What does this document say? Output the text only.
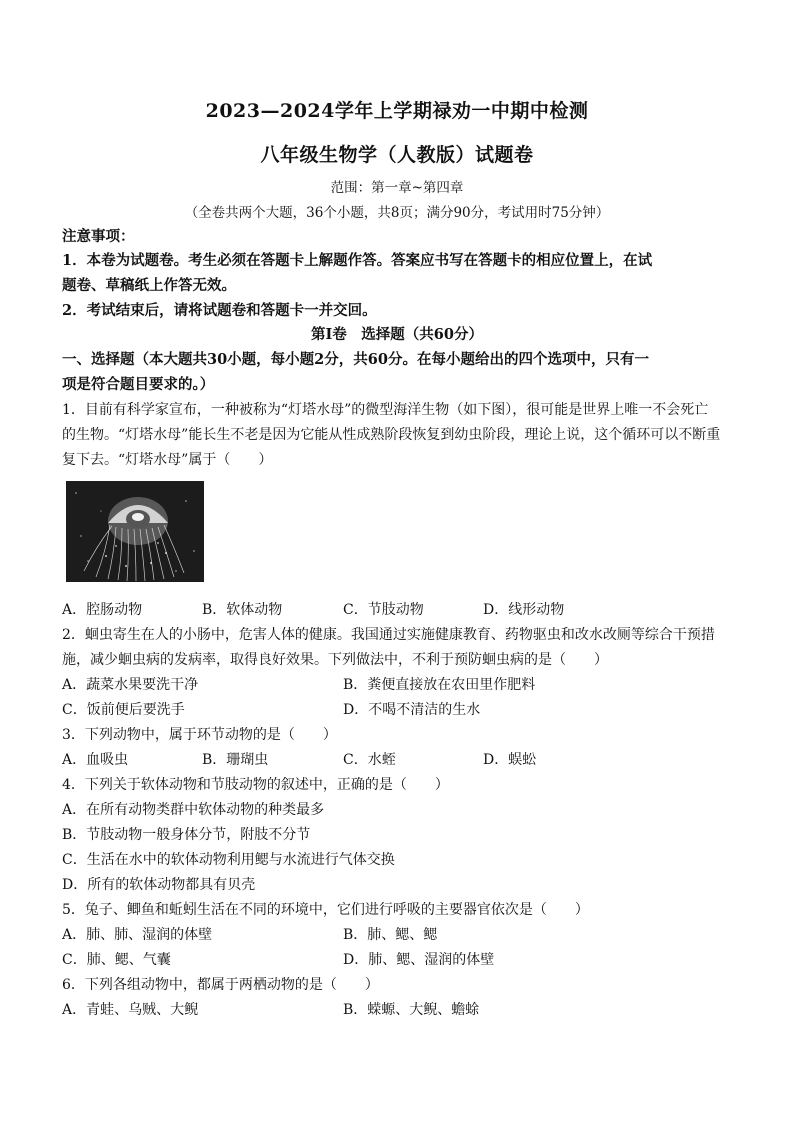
2023—2024学年上学期禄劝一中期中检测
八年级生物学（人教版）试题卷
范围：第一章~第四章
（全卷共两个大题，36个小题，共8页；满分90分，考试用时75分钟）
注意事项：
1．本卷为试题卷。考生必须在答题卡上解题作答。答案应书写在答题卡的相应位置上，在试
题卷、草稿纸上作答无效。
2．考试结束后，请将试题卷和答题卡一并交回。
第Ⅰ卷　选择题（共60分）
一、选择题（本大题共30小题，每小题2分，共60分。在每小题给出的四个选项中，只有一
项是符合题目要求的。）
1．目前有科学家宣布，一种被称为“灯塔水母”的微型海洋生物（如下图），很可能是世界上唯一不会死亡
的生物。“灯塔水母”能长生不老是因为它能从性成熟阶段恢复到幼虫阶段，理论上说，这个循环可以不断重
复下去。“灯塔水母”属于（　　）
A．腔肠动物	B．软体动物	C．节肢动物	D．线形动物
2．蛔虫寄生在人的小肠中，危害人体的健康。我国通过实施健康教育、药物驱虫和改水改厕等综合干预措
施，减少蛔虫病的发病率，取得良好效果。下列做法中，不利于预防蛔虫病的是（　　）
A．蔬菜水果要洗干净	B．粪便直接放在农田里作肥料
C．饭前便后要洗手	D．不喝不清洁的生水
3．下列动物中，属于环节动物的是（　　）
A．血吸虫	B．珊瑚虫	C．水蛭	D．蜈蚣
4．下列关于软体动物和节肢动物的叙述中，正确的是（　　）
A．在所有动物类群中软体动物的种类最多
B．节肢动物一般身体分节，附肢不分节
C．生活在水中的软体动物利用鳃与水流进行气体交换
D．所有的软体动物都具有贝壳
5．兔子、鲫鱼和蚯蚓生活在不同的环境中，它们进行呼吸的主要器官依次是（　　）
A．肺、肺、湿润的体壁	B．肺、鳃、鳃
C．肺、鳃、气囊	D．肺、鳃、湿润的体壁
6．下列各组动物中，都属于两栖动物的是（　　）
A．青蛙、乌贼、大鲵	B．蝾螈、大鲵、蟾蜍
